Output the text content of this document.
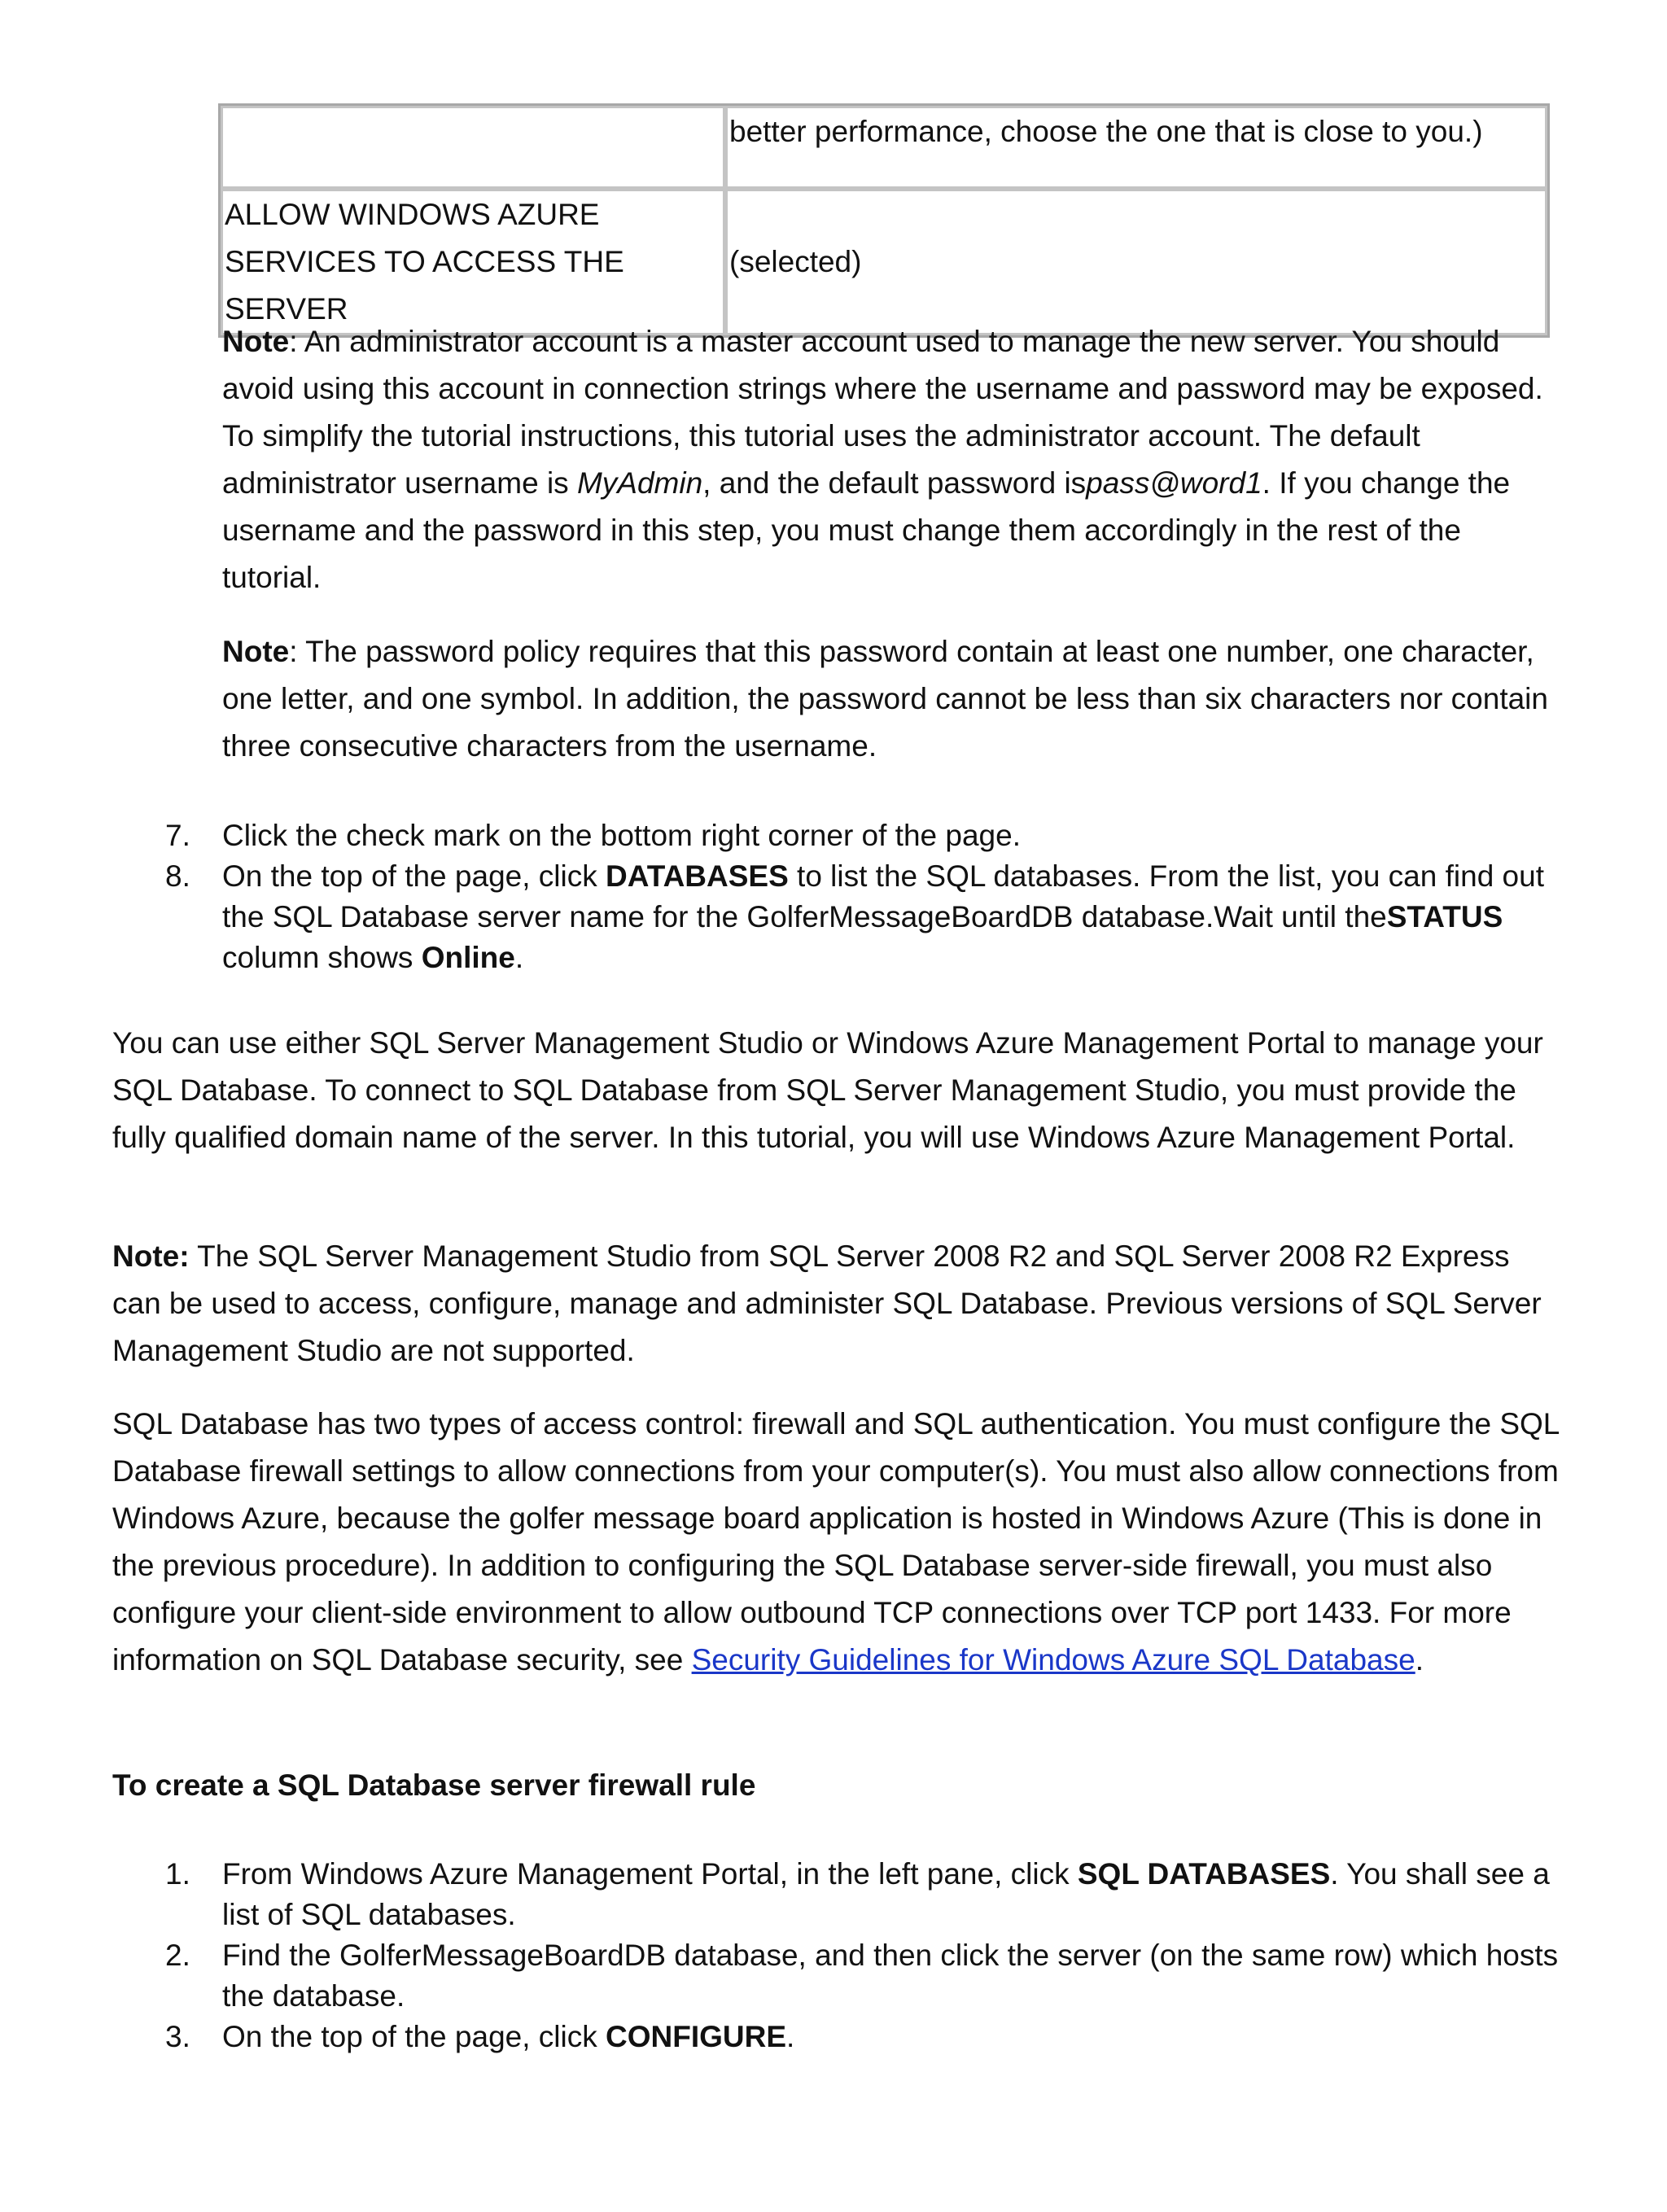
	better performance, choose the one that is close to you.)
ALLOW WINDOWS AZURE SERVICES TO ACCESS THE SERVER	(selected)

Note: An administrator account is a master account used to manage the new server. You should avoid using this account in connection strings where the username and password may be exposed. To simplify the tutorial instructions, this tutorial uses the administrator account. The default administrator username is MyAdmin, and the default password ispass@word1. If you change the username and the password in this step, you must change them accordingly in the rest of the tutorial.

Note: The password policy requires that this password contain at least one number, one character, one letter, and one symbol. In addition, the password cannot be less than six characters nor contain three consecutive characters from the username.

7. Click the check mark on the bottom right corner of the page.
8. On the top of the page, click DATABASES to list the SQL databases. From the list, you can find out the SQL Database server name for the GolferMessageBoardDB database.Wait until theSTATUS column shows Online.

You can use either SQL Server Management Studio or Windows Azure Management Portal to manage your SQL Database. To connect to SQL Database from SQL Server Management Studio, you must provide the fully qualified domain name of the server. In this tutorial, you will use Windows Azure Management Portal.

Note: The SQL Server Management Studio from SQL Server 2008 R2 and SQL Server 2008 R2 Express can be used to access, configure, manage and administer SQL Database. Previous versions of SQL Server Management Studio are not supported.

SQL Database has two types of access control: firewall and SQL authentication. You must configure the SQL Database firewall settings to allow connections from your computer(s). You must also allow connections from Windows Azure, because the golfer message board application is hosted in Windows Azure (This is done in the previous procedure). In addition to configuring the SQL Database server-side firewall, you must also configure your client-side environment to allow outbound TCP connections over TCP port 1433. For more information on SQL Database security, see Security Guidelines for Windows Azure SQL Database.

To create a SQL Database server firewall rule

1. From Windows Azure Management Portal, in the left pane, click SQL DATABASES. You shall see a list of SQL databases.
2. Find the GolferMessageBoardDB database, and then click the server (on the same row) which hosts the database.
3. On the top of the page, click CONFIGURE.
